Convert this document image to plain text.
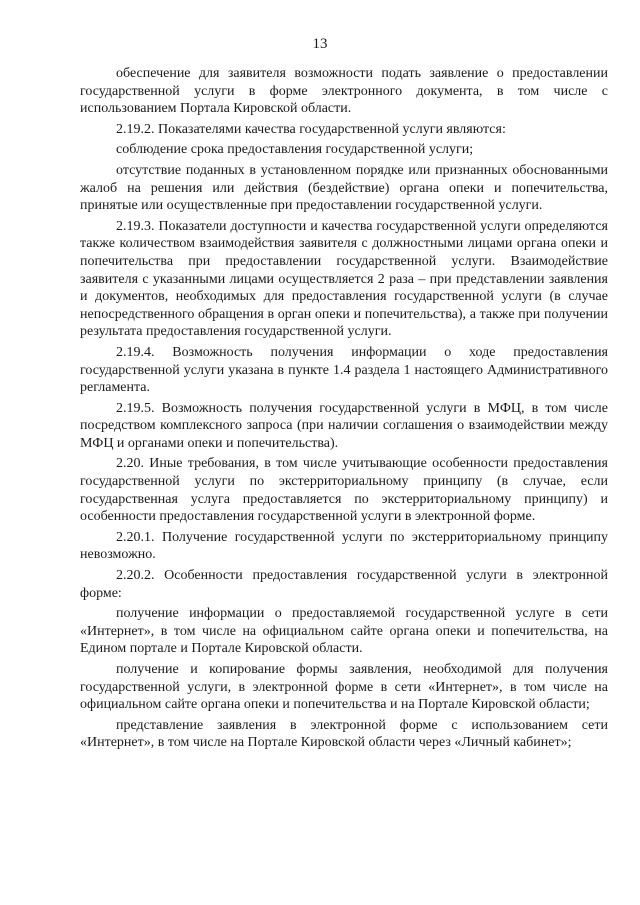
13

обеспечение для заявителя возможности подать заявление о предоставлении государственной услуги в форме электронного документа, в том числе с использованием Портала Кировской области.

2.19.2. Показателями качества государственной услуги являются:

соблюдение срока предоставления государственной услуги;

отсутствие поданных в установленном порядке или признанных обоснованными жалоб на решения или действия (бездействие) органа опеки и попечительства, принятые или осуществленные при предоставлении государственной услуги.

2.19.3. Показатели доступности и качества государственной услуги определяются также количеством взаимодействия заявителя с должностными лицами органа опеки и попечительства при предоставлении государственной услуги. Взаимодействие заявителя с указанными лицами осуществляется 2 раза – при представлении заявления и документов, необходимых для предоставления государственной услуги (в случае непосредственного обращения в орган опеки и попечительства), а также при получении результата предоставления государственной услуги.

2.19.4. Возможность получения информации о ходе предоставления государственной услуги указана в пункте 1.4 раздела 1 настоящего Административного регламента.

2.19.5. Возможность получения государственной услуги в МФЦ, в том числе посредством комплексного запроса (при наличии соглашения о взаимодействии между МФЦ и органами опеки и попечительства).

2.20. Иные требования, в том числе учитывающие особенности предоставления государственной услуги по экстерриториальному принципу (в случае, если государственная услуга предоставляется по экстерриториальному принципу) и особенности предоставления государственной услуги в электронной форме.

2.20.1. Получение государственной услуги по экстерриториальному принципу невозможно.

2.20.2. Особенности предоставления государственной услуги в электронной форме:

получение информации о предоставляемой государственной услуге в сети «Интернет», в том числе на официальном сайте органа опеки и попечительства, на Едином портале и Портале Кировской области.

получение и копирование формы заявления, необходимой для получения государственной услуги, в электронной форме в сети «Интернет», в том числе на официальном сайте органа опеки и попечительства и на Портале Кировской области;

представление заявления в электронной форме с использованием сети «Интернет», в том числе на Портале Кировской области через «Личный кабинет»;
